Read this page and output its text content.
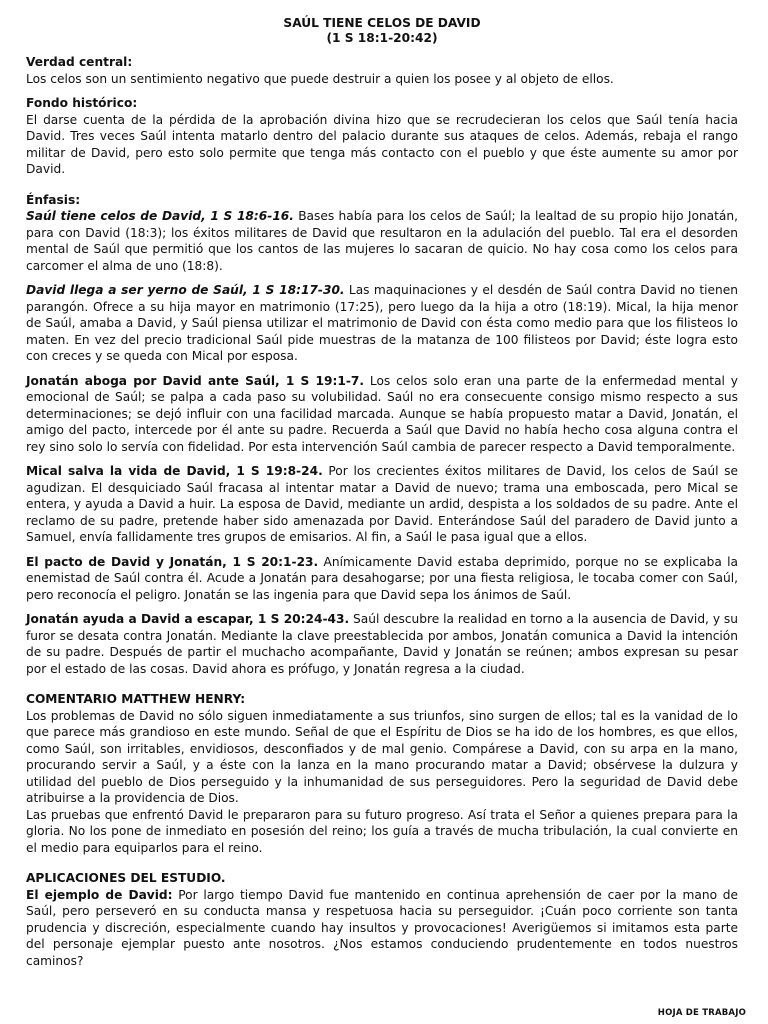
SAÚL TIENE CELOS DE DAVID
(1 S 18:1-20:42)

Verdad central:

Los celos son un sentimiento negativo que puede destruir a quien los posee y al objeto de ellos.

Fondo histórico:

El darse cuenta de la pérdida de la aprobación divina hizo que se recrudecieran los celos que Saúl tenía hacia David. Tres veces Saúl intenta matarlo dentro del palacio durante sus ataques de celos. Además, rebaja el rango militar de David, pero esto solo permite que tenga más contacto con el pueblo y que éste aumente su amor por David.

Énfasis:

Saúl tiene celos de David, 1 S 18:6-16. Bases había para los celos de Saúl; la lealtad de su propio hijo Jonatán, para con David (18:3); los éxitos militares de David que resultaron en la adulación del pueblo. Tal era el desorden mental de Saúl que permitió que los cantos de las mujeres lo sacaran de quicio. No hay cosa como los celos para carcomer el alma de uno (18:8).

David llega a ser yerno de Saúl, 1 S 18:17-30. Las maquinaciones y el desdén de Saúl contra David no tienen parangón. Ofrece a su hija mayor en matrimonio (17:25), pero luego da la hija a otro (18:19). Mical, la hija menor de Saúl, amaba a David, y Saúl piensa utilizar el matrimonio de David con ésta como medio para que los filisteos lo maten. En vez del precio tradicional Saúl pide muestras de la matanza de 100 filisteos por David; éste logra esto con creces y se queda con Mical por esposa.

Jonatán aboga por David ante Saúl, 1 S 19:1-7. Los celos solo eran una parte de la enfermedad mental y emocional de Saúl; se palpa a cada paso su volubilidad. Saúl no era consecuente consigo mismo respecto a sus determinaciones; se dejó influir con una facilidad marcada. Aunque se había propuesto matar a David, Jonatán, el amigo del pacto, intercede por él ante su padre. Recuerda a Saúl que David no había hecho cosa alguna contra el rey sino solo lo servía con fidelidad. Por esta intervención Saúl cambia de parecer respecto a David temporalmente.

Mical salva la vida de David, 1 S 19:8-24. Por los crecientes éxitos militares de David, los celos de Saúl se agudizan. El desquiciado Saúl fracasa al intentar matar a David de nuevo; trama una emboscada, pero Mical se entera, y ayuda a David a huir. La esposa de David, mediante un ardid, despista a los soldados de su padre. Ante el reclamo de su padre, pretende haber sido amenazada por David. Enterándose Saúl del paradero de David junto a Samuel, envía fallidamente tres grupos de emisarios. Al fin, a Saúl le pasa igual que a ellos.

El pacto de David y Jonatán, 1 S 20:1-23. Anímicamente David estaba deprimido, porque no se explicaba la enemistad de Saúl contra él. Acude a Jonatán para desahogarse; por una fiesta religiosa, le tocaba comer con Saúl, pero reconocía el peligro. Jonatán se las ingenia para que David sepa los ánimos de Saúl.

Jonatán ayuda a David a escapar, 1 S 20:24-43. Saúl descubre la realidad en torno a la ausencia de David, y su furor se desata contra Jonatán. Mediante la clave preestablecida por ambos, Jonatán comunica a David la intención de su padre. Después de partir el muchacho acompañante, David y Jonatán se reúnen; ambos expresan su pesar por el estado de las cosas. David ahora es prófugo, y Jonatán regresa a la ciudad.

COMENTARIO MATTHEW HENRY:

Los problemas de David no sólo siguen inmediatamente a sus triunfos, sino surgen de ellos; tal es la vanidad de lo que parece más grandioso en este mundo. Señal de que el Espíritu de Dios se ha ido de los hombres, es que ellos, como Saúl, son irritables, envidiosos, desconfiados y de mal genio. Compárese a David, con su arpa en la mano, procurando servir a Saúl, y a éste con la lanza en la mano procurando matar a David; obsérvese la dulzura y utilidad del pueblo de Dios perseguido y la inhumanidad de sus perseguidores. Pero la seguridad de David debe atribuirse a la providencia de Dios.

Las pruebas que enfrentó David le prepararon para su futuro progreso. Así trata el Señor a quienes prepara para la gloria. No los pone de inmediato en posesión del reino; los guía a través de mucha tribulación, la cual convierte en el medio para equiparlos para el reino.

APLICACIONES DEL ESTUDIO.

El ejemplo de David: Por largo tiempo David fue mantenido en continua aprehensión de caer por la mano de Saúl, pero perseveró en su conducta mansa y respetuosa hacia su perseguidor. ¡Cuán poco corriente son tanta prudencia y discreción, especialmente cuando hay insultos y provocaciones! Averigüemos si imitamos esta parte del personaje ejemplar puesto ante nosotros. ¿Nos estamos conduciendo prudentemente en todos nuestros caminos?

HOJA DE TRABAJO
